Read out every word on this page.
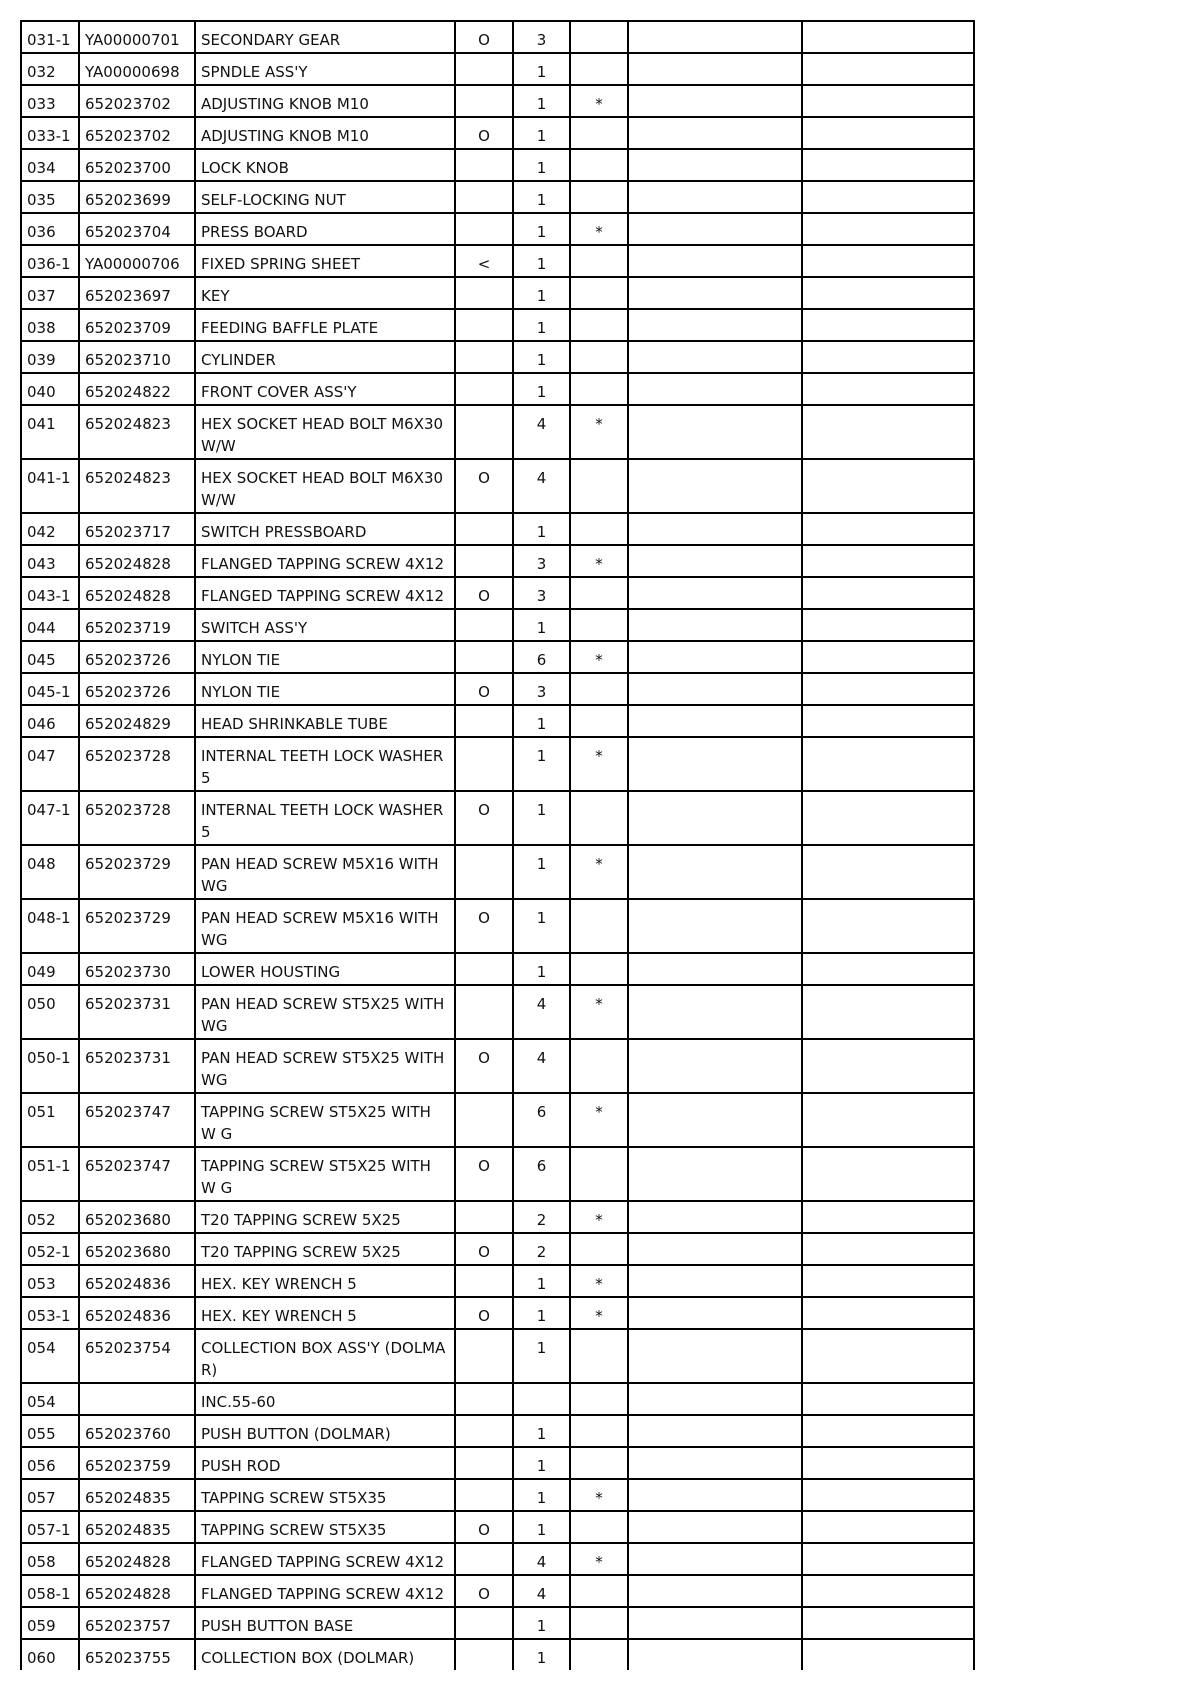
031-1	YA00000701	SECONDARY GEAR	O	3			
032	YA00000698	SPNDLE ASS'Y		1			
033	652023702	ADJUSTING KNOB M10		1	*		
033-1	652023702	ADJUSTING KNOB M10	O	1			
034	652023700	LOCK KNOB		1			
035	652023699	SELF-LOCKING NUT		1			
036	652023704	PRESS BOARD		1	*		
036-1	YA00000706	FIXED SPRING SHEET	<	1			
037	652023697	KEY		1			
038	652023709	FEEDING BAFFLE PLATE		1			
039	652023710	CYLINDER		1			
040	652024822	FRONT COVER ASS'Y		1			
041	652024823	HEX SOCKET HEAD BOLT M6X30 W/W		4	*		
041-1	652024823	HEX SOCKET HEAD BOLT M6X30 W/W	O	4			
042	652023717	SWITCH PRESSBOARD		1			
043	652024828	FLANGED TAPPING SCREW 4X12		3	*		
043-1	652024828	FLANGED TAPPING SCREW 4X12	O	3			
044	652023719	SWITCH ASS'Y		1			
045	652023726	NYLON TIE		6	*		
045-1	652023726	NYLON TIE	O	3			
046	652024829	HEAD SHRINKABLE TUBE		1			
047	652023728	INTERNAL TEETH LOCK WASHER 5		1	*		
047-1	652023728	INTERNAL TEETH LOCK WASHER 5	O	1			
048	652023729	PAN HEAD SCREW M5X16 WITH WG		1	*		
048-1	652023729	PAN HEAD SCREW M5X16 WITH WG	O	1			
049	652023730	LOWER HOUSTING		1			
050	652023731	PAN HEAD SCREW ST5X25 WITH WG		4	*		
050-1	652023731	PAN HEAD SCREW ST5X25 WITH WG	O	4			
051	652023747	TAPPING SCREW ST5X25 WITH W G		6	*		
051-1	652023747	TAPPING SCREW ST5X25 WITH W G	O	6			
052	652023680	T20 TAPPING SCREW 5X25		2	*		
052-1	652023680	T20 TAPPING SCREW 5X25	O	2			
053	652024836	HEX. KEY WRENCH 5		1	*		
053-1	652024836	HEX. KEY WRENCH 5	O	1	*		
054	652023754	COLLECTION BOX ASS'Y (DOLMA R)		1			
054		INC.55-60					
055	652023760	PUSH BUTTON (DOLMAR)		1			
056	652023759	PUSH ROD		1			
057	652024835	TAPPING SCREW ST5X35		1	*		
057-1	652024835	TAPPING SCREW ST5X35	O	1			
058	652024828	FLANGED TAPPING SCREW 4X12		4	*		
058-1	652024828	FLANGED TAPPING SCREW 4X12	O	4			
059	652023757	PUSH BUTTON BASE		1			
060	652023755	COLLECTION BOX (DOLMAR)		1			
